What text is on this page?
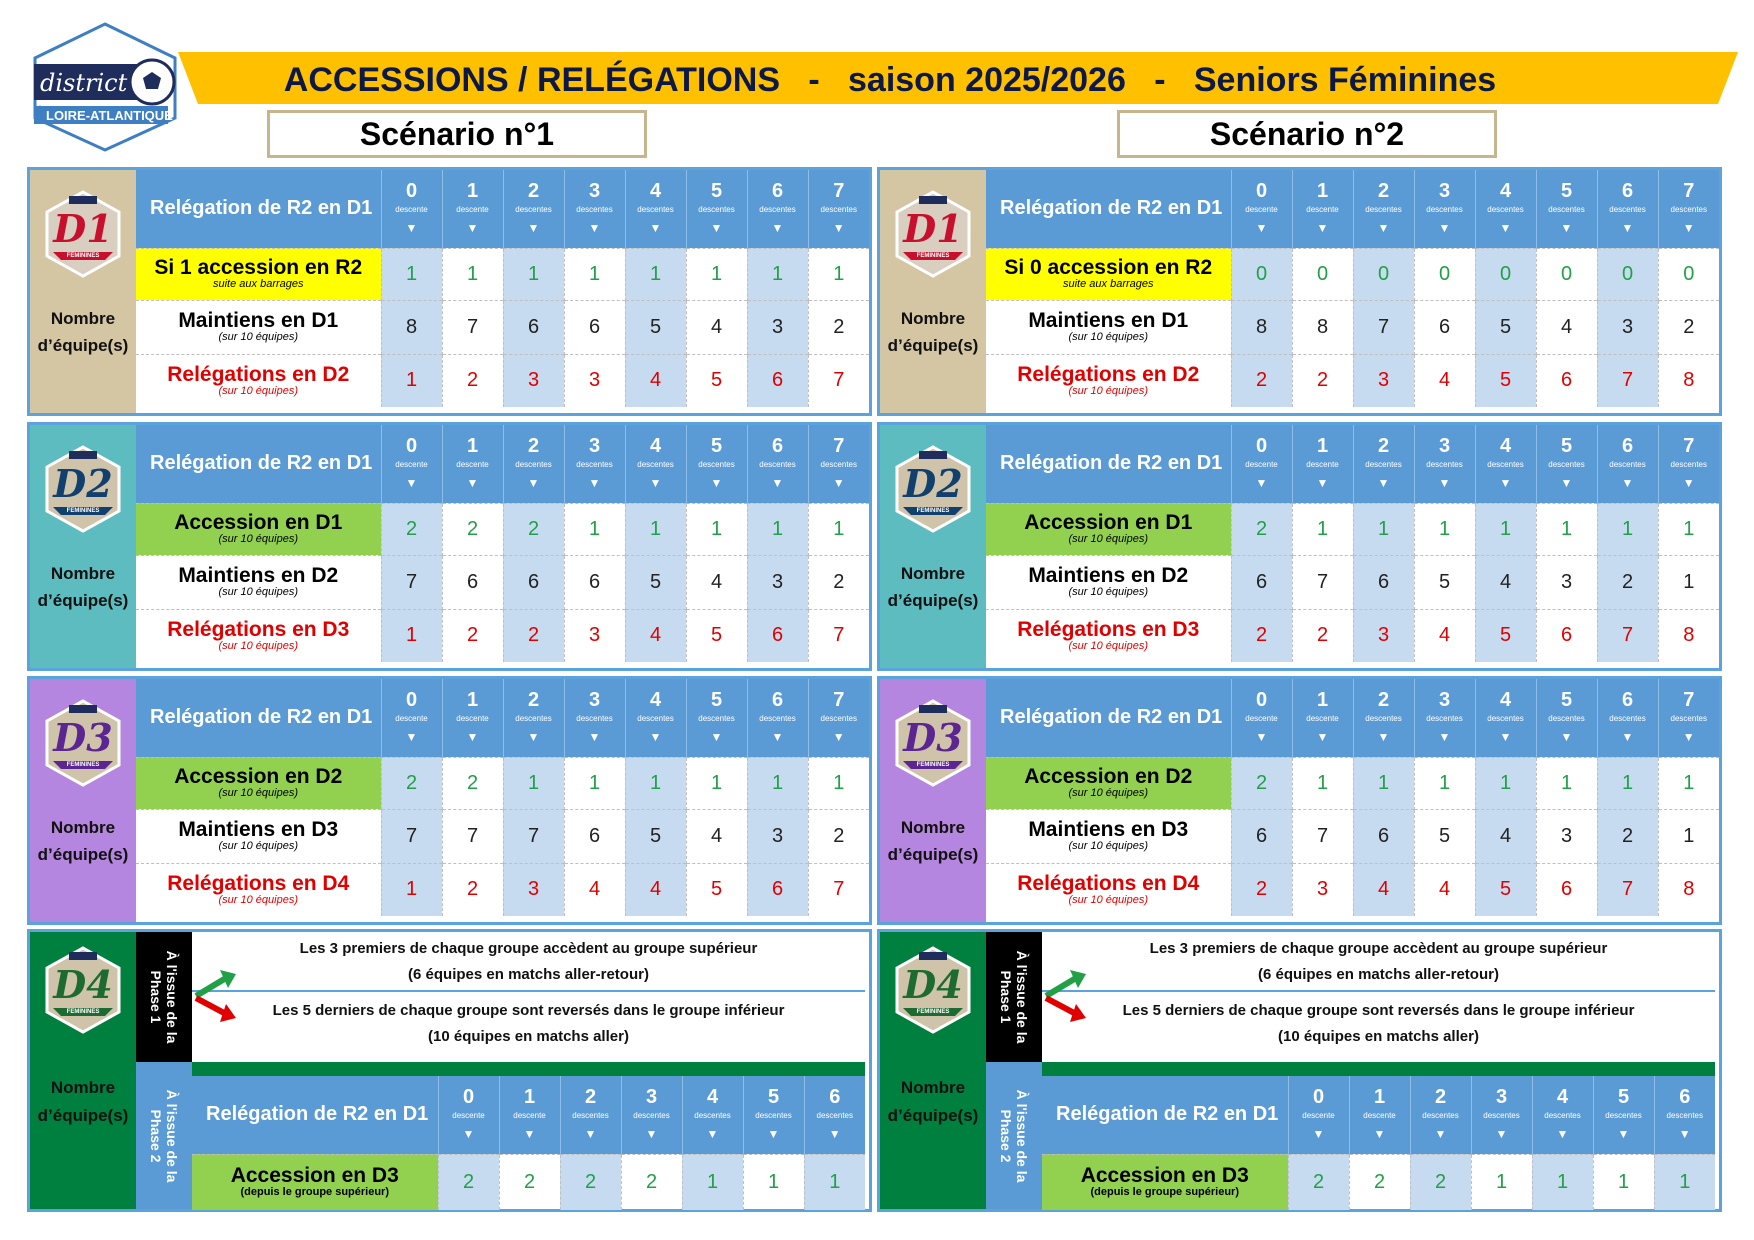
district
LOIRE-ATLANTIQUE
ACCESSIONS / RELÉGATIONS   -   saison 2025/2026   -   Seniors Féminines
Scénario n°1	Scénario n°2
D1
FEMININES
Nombre
d’équipe(s)
Relégation de R2 en D1	0
descente
▼	1
descente
▼	2
descentes
▼	3
descentes
▼	4
descentes
▼	5
descentes
▼	6
descentes
▼	7
descentes
▼

Si 1 accession en R2
suite aux barrages	1	1	1	1	1	1	1	1

Maintiens en D1
(sur 10 équipes)	8	7	6	6	5	4	3	2

Relégations en D2
(sur 10 équipes)	1	2	3	3	4	5	6	7
D2
FEMININES
Nombre
d’équipe(s)
Relégation de R2 en D1	0
descente
▼	1
descente
▼	2
descentes
▼	3
descentes
▼	4
descentes
▼	5
descentes
▼	6
descentes
▼	7
descentes
▼

Accession en D1
(sur 10 équipes)	2	2	2	1	1	1	1	1

Maintiens en D2
(sur 10 équipes)	7	6	6	6	5	4	3	2

Relégations en D3
(sur 10 équipes)	1	2	2	3	4	5	6	7
D3
FEMININES
Nombre
d’équipe(s)
Relégation de R2 en D1	0
descente
▼	1
descente
▼	2
descentes
▼	3
descentes
▼	4
descentes
▼	5
descentes
▼	6
descentes
▼	7
descentes
▼

Accession en D2
(sur 10 équipes)	2	2	1	1	1	1	1	1

Maintiens en D3
(sur 10 équipes)	7	7	7	6	5	4	3	2

Relégations en D4
(sur 10 équipes)	1	2	3	4	4	5	6	7
D4
FEMININES
Nombre
d’équipe(s)
À l'issue de la Phase 1
Les 3 premiers de chaque groupe accèdent au groupe supérieur
(6 équipes en matchs aller-retour)
Les 5 derniers de chaque groupe sont reversés dans le groupe inférieur
(10 équipes en matchs aller)
À l'issue de la Phase 2	Relégation de R2 en D1	0
descente
▼	1
descente
▼	2
descentes
▼	3
descentes
▼	4
descentes
▼	5
descentes
▼	6
descentes
▼

Accession en D3
(depuis le groupe supérieur)	2	2	2	2	1	1	1
D1
FEMININES
Nombre
d’équipe(s)
Relégation de R2 en D1	0
descente
▼	1
descente
▼	2
descentes
▼	3
descentes
▼	4
descentes
▼	5
descentes
▼	6
descentes
▼	7
descentes
▼

Si 0 accession en R2
suite aux barrages	0	0	0	0	0	0	0	0

Maintiens en D1
(sur 10 équipes)	8	8	7	6	5	4	3	2

Relégations en D2
(sur 10 équipes)	2	2	3	4	5	6	7	8
D2
FEMININES
Nombre
d’équipe(s)
Relégation de R2 en D1	0
descente
▼	1
descente
▼	2
descentes
▼	3
descentes
▼	4
descentes
▼	5
descentes
▼	6
descentes
▼	7
descentes
▼

Accession en D1
(sur 10 équipes)	2	1	1	1	1	1	1	1

Maintiens en D2
(sur 10 équipes)	6	7	6	5	4	3	2	1

Relégations en D3
(sur 10 équipes)	2	2	3	4	5	6	7	8
D3
FEMININES
Nombre
d’équipe(s)
Relégation de R2 en D1	0
descente
▼	1
descente
▼	2
descentes
▼	3
descentes
▼	4
descentes
▼	5
descentes
▼	6
descentes
▼	7
descentes
▼

Accession en D2
(sur 10 équipes)	2	1	1	1	1	1	1	1

Maintiens en D3
(sur 10 équipes)	6	7	6	5	4	3	2	1

Relégations en D4
(sur 10 équipes)	2	3	4	4	5	6	7	8
D4
FEMININES
Nombre
d’équipe(s)
À l'issue de la Phase 1
Les 3 premiers de chaque groupe accèdent au groupe supérieur
(6 équipes en matchs aller-retour)
Les 5 derniers de chaque groupe sont reversés dans le groupe inférieur
(10 équipes en matchs aller)
À l'issue de la Phase 2	Relégation de R2 en D1	0
descente
▼	1
descente
▼	2
descentes
▼	3
descentes
▼	4
descentes
▼	5
descentes
▼	6
descentes
▼

Accession en D3
(depuis le groupe supérieur)	2	2	2	1	1	1	1
